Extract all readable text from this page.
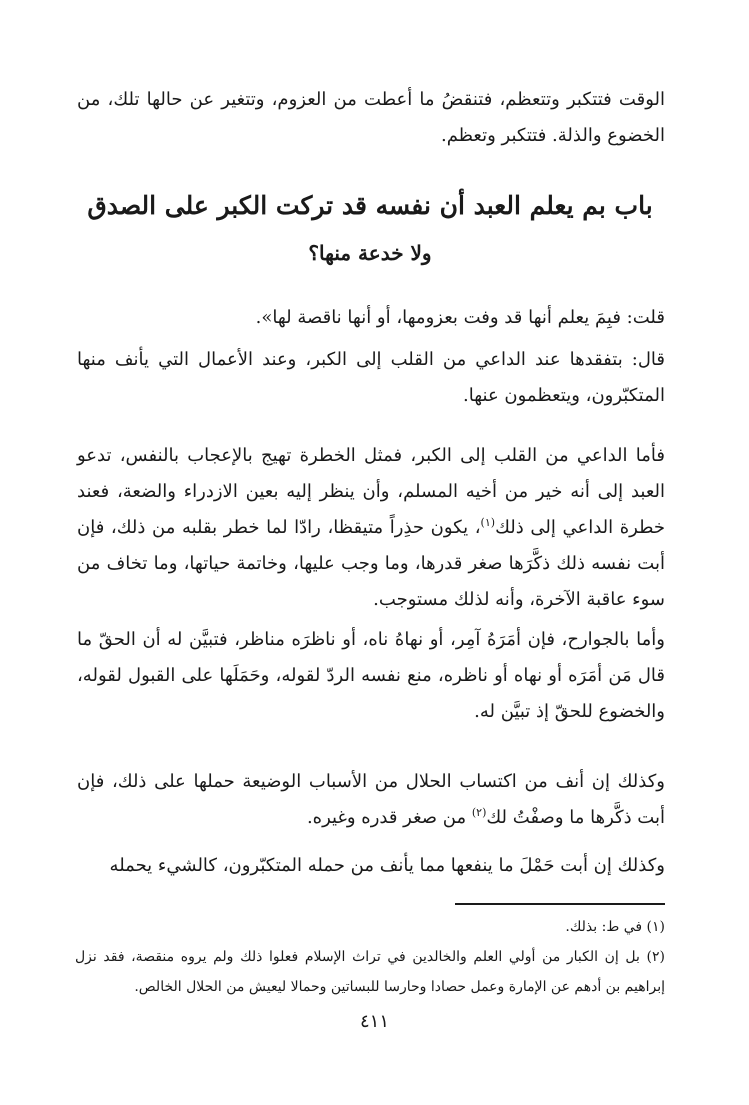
الوقت فتتكبر وتتعظم، فتنقضُ ما أعطت من العزوم، وتتغير عن حالها تلك، من الخضوع والذلة. فتتكبر وتعظم.

باب بم يعلم العبد أن نفسه قد تركت الكبر على الصدق
ولا خدعة منها؟

قلت: فبِمَ يعلم أنها قد وفت بعزومها، أو أنها ناقصة لها».

قال: بتفقدها عند الداعي من القلب إلى الكبر، وعند الأعمال التي يأنف منها المتكبّرون، ويتعظمون عنها.

فأما الداعي من القلب إلى الكبر، فمثل الخطرة تهيج بالإعجاب بالنفس، تدعو العبد إلى أنه خير من أخيه المسلم، وأن ينظر إليه بعين الازدراء والضعة، فعند خطرة الداعي إلى ذلك$^{(١)}$، يكون حذِراً متيقظا، رادّا لما خطر بقلبه من ذلك، فإن أبت نفسه ذلك ذكَّرَها صغر قدرها، وما وجب عليها، وخاتمة حياتها، وما تخاف من سوء عاقبة الآخرة، وأنه لذلك مستوجب.

وأما بالجوارح، فإن أمَرَهُ آمِر، أو نهاهُ ناه، أو ناظرَه مناظر، فتبيَّن له أن الحقّ ما قال مَن أمَرَه أو نهاه أو ناظره، منع نفسه الردّ لقوله، وحَمَلَها على القبول لقوله، والخضوع للحقّ إذ تبيَّن له.

وكذلك إن أنف من اكتساب الحلال من الأسباب الوضيعة حملها على ذلك، فإن أبت ذكَّرها ما وصفْتُ لك$^{(٢)}$ من صغر قدره وغيره.

وكذلك إن أبت حَمْلَ ما ينفعها مما يأنف من حمله المتكبّرون، كالشيء يحمله

(١) في ط: بذلك.

(٢) بل إن الكبار من أولي العلم والخالدين في تراث الإسلام فعلوا ذلك ولم يروه منقصة، فقد نزل إبراهيم بن أدهم عن الإمارة وعمل حصادا وحارسا للبساتين وحمالا ليعيش من الحلال الخالص.

٤١١
